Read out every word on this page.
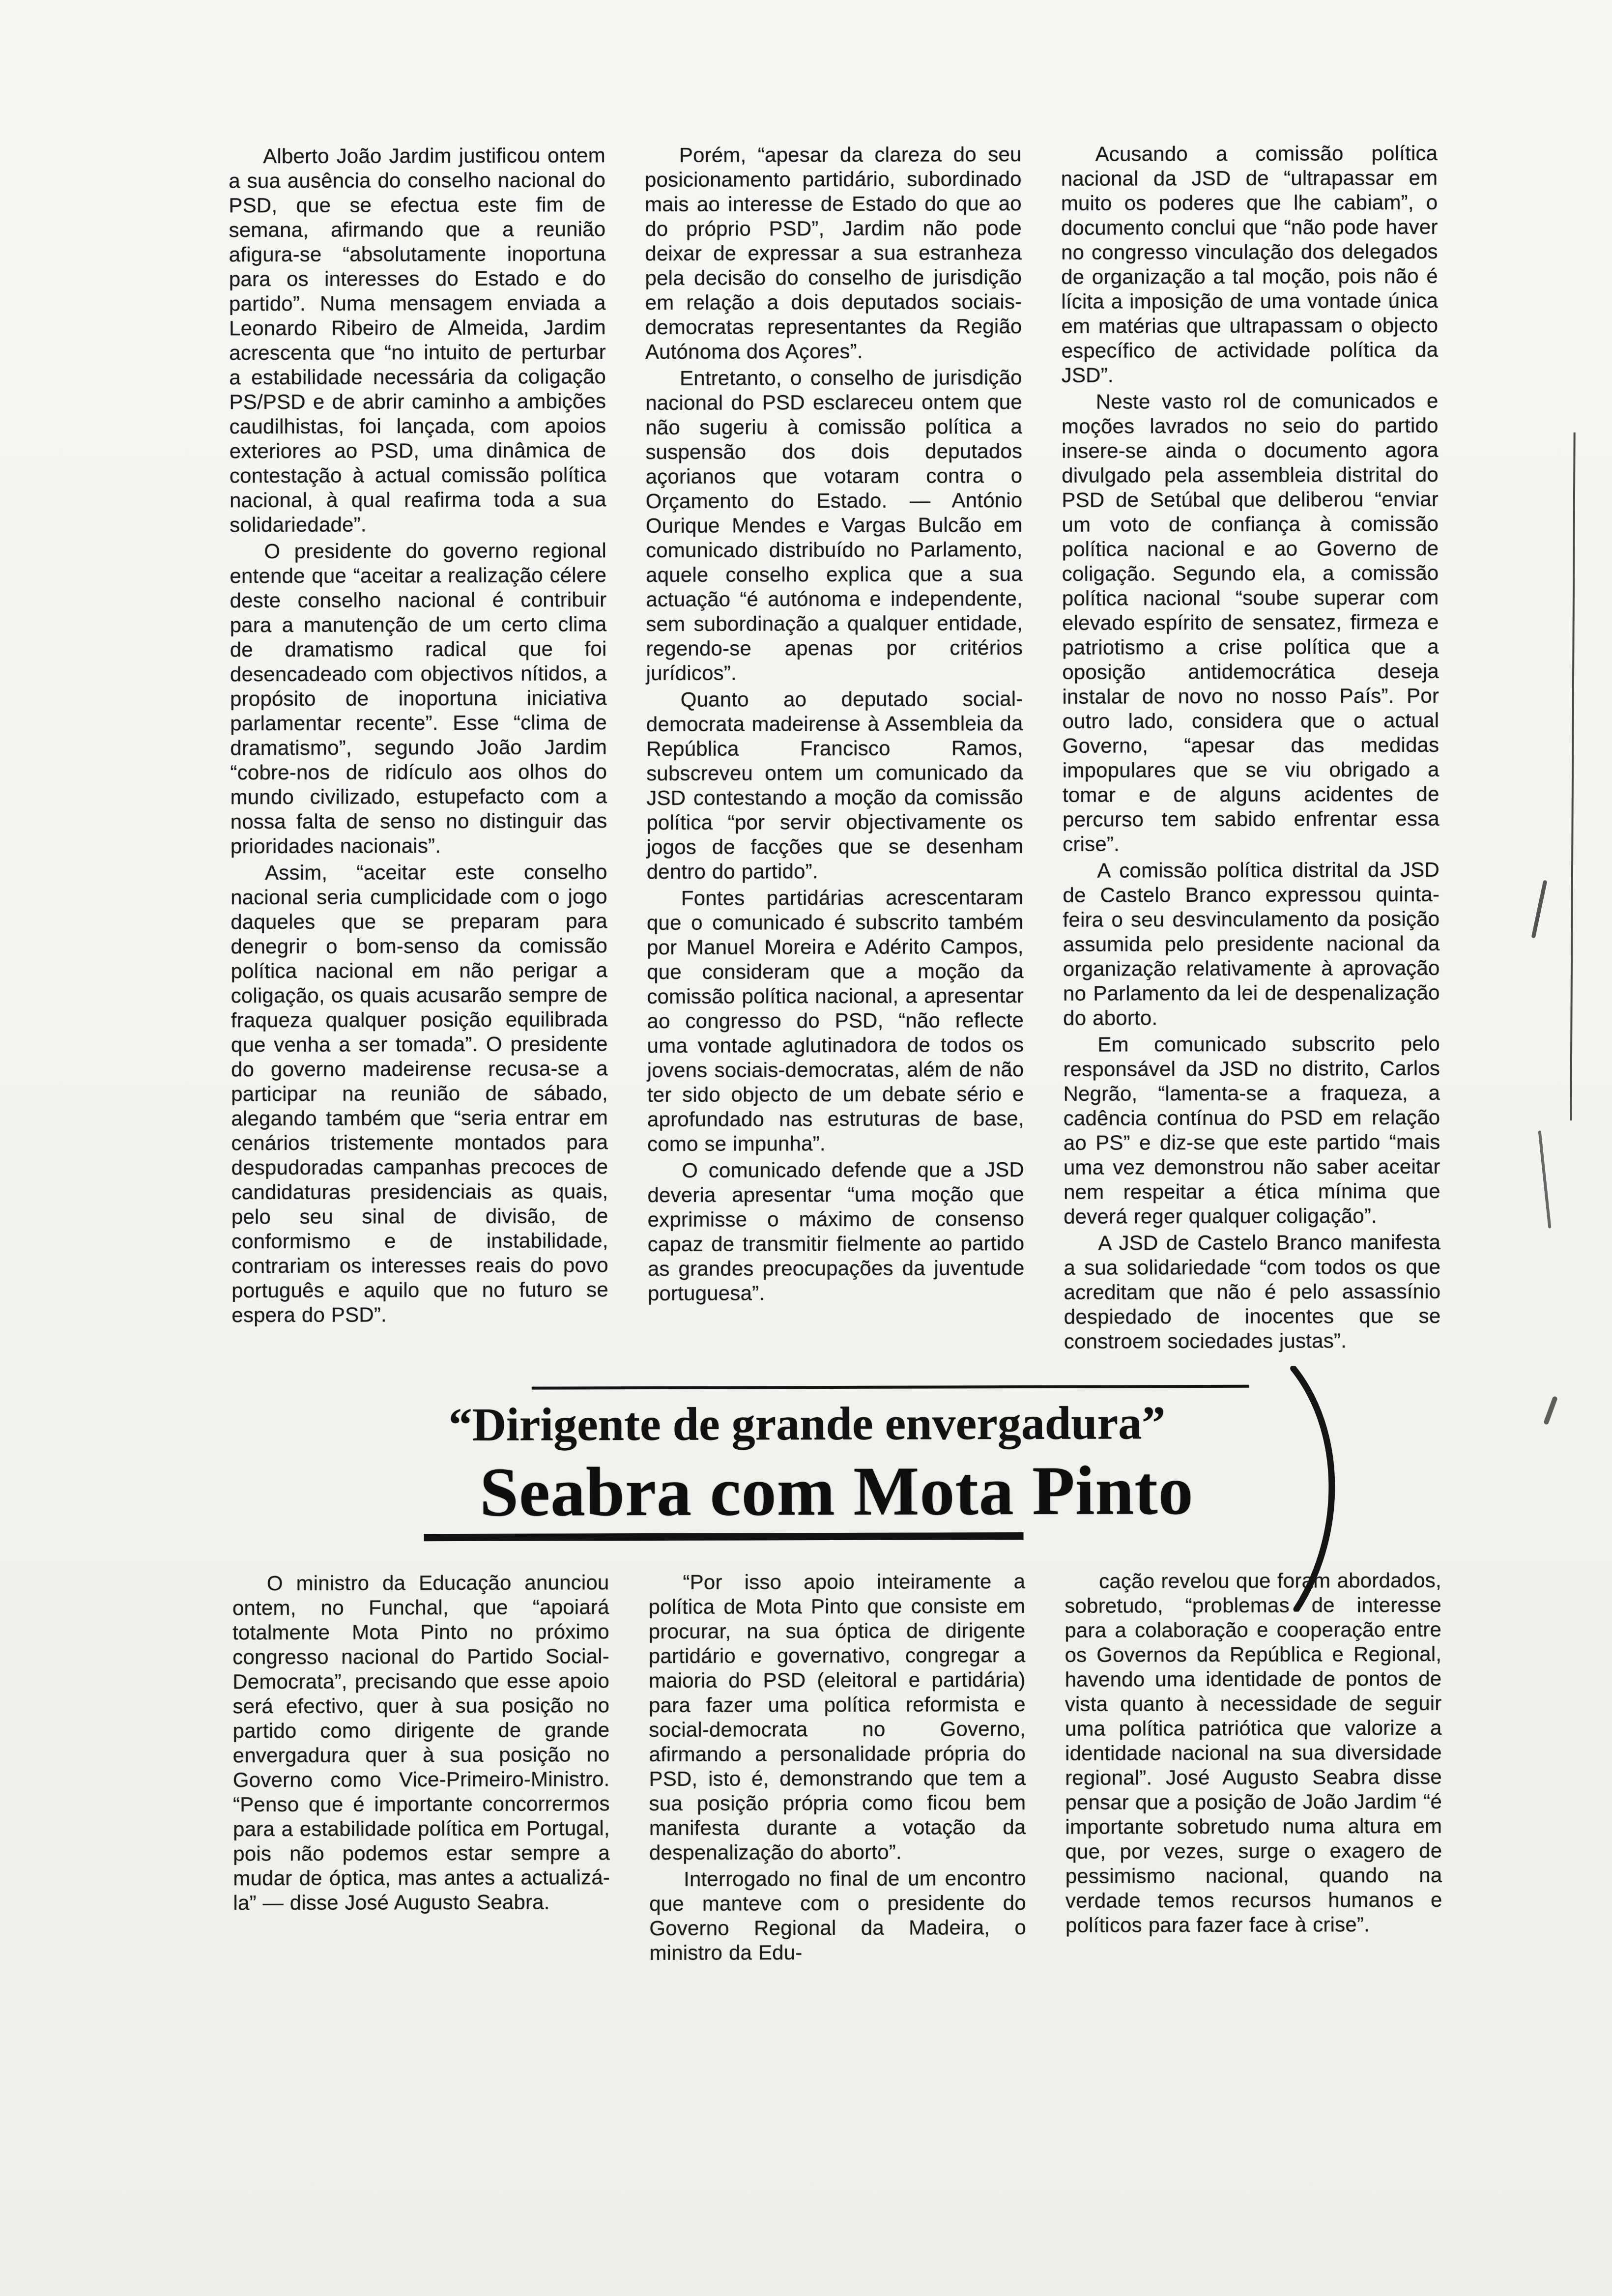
Alberto João Jardim justificou ontem a sua ausência do conselho nacional do PSD, que se efectua este fim de semana, afirmando que a reunião afigura-se “absolutamente inoportuna para os interesses do Estado e do partido”. Numa mensagem enviada a Leonardo Ribeiro de Almeida, Jardim acrescenta que “no intuito de perturbar a estabilidade necessária da coligação PS/PSD e de abrir caminho a ambições caudilhistas, foi lançada, com apoios exteriores ao PSD, uma dinâmica de contestação à actual comissão política nacional, à qual reafirma toda a sua solidariedade”.

O presidente do governo regional entende que “aceitar a realização célere deste conselho nacional é contribuir para a manutenção de um certo clima de dramatismo radical que foi desencadeado com objectivos nítidos, a propósito de inoportuna iniciativa parlamentar recente”. Esse “clima de dramatismo”, segundo João Jardim “cobre-nos de ridículo aos olhos do mundo civilizado, estupefacto com a nossa falta de senso no distinguir das prioridades nacionais”.

Assim, “aceitar este conselho nacional seria cumplicidade com o jogo daqueles que se preparam para denegrir o bom-senso da comissão política nacional em não perigar a coligação, os quais acusarão sempre de fraqueza qualquer posição equilibrada que venha a ser tomada”. O presidente do governo madeirense recusa-se a participar na reunião de sábado, alegando também que “seria entrar em cenários tristemente montados para despudoradas campanhas precoces de candidaturas presidenciais as quais, pelo seu sinal de divisão, de conformismo e de instabilidade, contrariam os interesses reais do povo português e aquilo que no futuro se espera do PSD”.

Porém, “apesar da clareza do seu posicionamento partidário, subordinado mais ao interesse de Estado do que ao do próprio PSD”, Jardim não pode deixar de expressar a sua estranheza pela decisão do conselho de jurisdição em relação a dois deputados sociais-democratas representantes da Região Autónoma dos Açores”.

Entretanto, o conselho de jurisdição nacional do PSD esclareceu ontem que não sugeriu à comissão política a suspensão dos dois deputados açorianos que votaram contra o Orçamento do Estado. — António Ourique Mendes e Vargas Bulcão em comunicado distribuído no Parlamento, aquele conselho explica que a sua actuação “é autónoma e independente, sem subordinação a qualquer entidade, regendo-se apenas por critérios jurídicos”.

Quanto ao deputado social-democrata madeirense à Assembleia da República Francisco Ramos, subscreveu ontem um comunicado da JSD contestando a moção da comissão política “por servir objectivamente os jogos de facções que se desenham dentro do partido”.

Fontes partidárias acrescentaram que o comunicado é subscrito também por Manuel Moreira e Adérito Campos, que consideram que a moção da comissão política nacional, a apresentar ao congresso do PSD, “não reflecte uma vontade aglutinadora de todos os jovens sociais-democratas, além de não ter sido objecto de um debate sério e aprofundado nas estruturas de base, como se impunha”.

O comunicado defende que a JSD deveria apresentar “uma moção que exprimisse o máximo de consenso capaz de transmitir fielmente ao partido as grandes preocupações da juventude portuguesa”.

Acusando a comissão política nacional da JSD de “ultrapassar em muito os poderes que lhe cabiam”, o documento conclui que “não pode haver no congresso vinculação dos delegados de organização a tal moção, pois não é lícita a imposição de uma vontade única em matérias que ultrapassam o objecto específico de actividade política da JSD”.

Neste vasto rol de comunicados e moções lavrados no seio do partido insere-se ainda o documento agora divulgado pela assembleia distrital do PSD de Setúbal que deliberou “enviar um voto de confiança à comissão política nacional e ao Governo de coligação. Segundo ela, a comissão política nacional “soube superar com elevado espírito de sensatez, firmeza e patriotismo a crise política que a oposição antidemocrática deseja instalar de novo no nosso País”. Por outro lado, considera que o actual Governo, “apesar das medidas impopulares que se viu obrigado a tomar e de alguns acidentes de percurso tem sabido enfrentar essa crise”.

A comissão política distrital da JSD de Castelo Branco expressou quinta-feira o seu desvinculamento da posição assumida pelo presidente nacional da organização relativamente à aprovação no Parlamento da lei de despenalização do aborto.

Em comunicado subscrito pelo responsável da JSD no distrito, Carlos Negrão, “lamenta-se a fraqueza, a cadência contínua do PSD em relação ao PS” e diz-se que este partido “mais uma vez demonstrou não saber aceitar nem respeitar a ética mínima que deverá reger qualquer coligação”.

A JSD de Castelo Branco manifesta a sua solidariedade “com todos os que acreditam que não é pelo assassínio despiedado de inocentes que se constroem sociedades justas”.

“Dirigente de grande envergadura”
Seabra com Mota Pinto

O ministro da Educação anunciou ontem, no Funchal, que “apoiará totalmente Mota Pinto no próximo congresso nacional do Partido Social-Democrata”, precisando que esse apoio será efectivo, quer à sua posição no partido como dirigente de grande envergadura quer à sua posição no Governo como Vice-Primeiro-Ministro. “Penso que é importante concorrermos para a estabilidade política em Portugal, pois não podemos estar sempre a mudar de óptica, mas antes a actualizá-la” — disse José Augusto Seabra.

“Por isso apoio inteiramente a política de Mota Pinto que consiste em procurar, na sua óptica de dirigente partidário e governativo, congregar a maioria do PSD (eleitoral e partidária) para fazer uma política reformista e social-democrata no Governo, afirmando a personalidade própria do PSD, isto é, demonstrando que tem a sua posição própria como ficou bem manifesta durante a votação da despenalização do aborto”.

Interrogado no final de um encontro que manteve com o presidente do Governo Regional da Madeira, o ministro da Edu-

cação revelou que foram abordados, sobretudo, “problemas de interesse para a colaboração e cooperação entre os Governos da República e Regional, havendo uma identidade de pontos de vista quanto à necessidade de seguir uma política patriótica que valorize a identidade nacional na sua diversidade regional”. José Augusto Seabra disse pensar que a posição de João Jardim “é importante sobretudo numa altura em que, por vezes, surge o exagero de pessimismo nacional, quando na verdade temos recursos humanos e políticos para fazer face à crise”.
